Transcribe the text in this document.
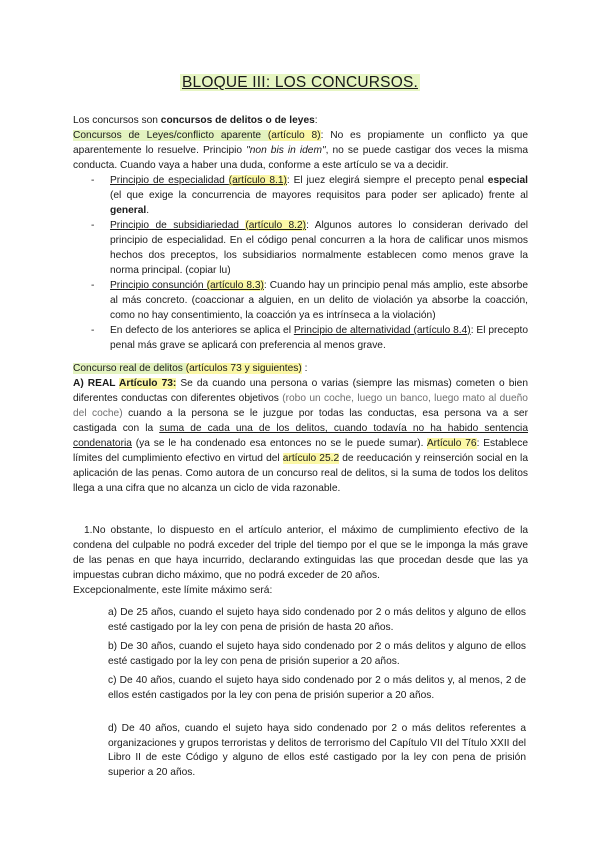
BLOQUE III: LOS CONCURSOS.

Los concursos son concursos de delitos o de leyes:

Concursos de Leyes/conflicto aparente (artículo 8): No es propiamente un conflicto ya que aparentemente lo resuelve. Principio "non bis in idem", no se puede castigar dos veces la misma conducta. Cuando vaya a haber una duda, conforme a este artículo se va a decidir.

- Principio de especialidad (artículo 8.1): El juez elegirá siempre el precepto penal especial (el que exige la concurrencia de mayores requisitos para poder ser aplicado) frente al general.
- Principio de subsidiariedad (artículo 8.2): Algunos autores lo consideran derivado del principio de especialidad. En el código penal concurren a la hora de calificar unos mismos hechos dos preceptos, los subsidiarios normalmente establecen como menos grave la norma principal. (copiar lu)
- Principio consunción (artículo 8.3): Cuando hay un principio penal más amplio, este absorbe al más concreto. (coaccionar a alguien, en un delito de violación ya absorbe la coacción, como no hay consentimiento, la coacción ya es intrínseca a la violación)
- En defecto de los anteriores se aplica el Principio de alternatividad (artículo 8.4): El precepto penal más grave se aplicará con preferencia al menos grave.

Concurso real de delitos (artículos 73 y siguientes) :

A) REAL Artículo 73: Se da cuando una persona o varias (siempre las mismas) cometen o bien diferentes conductas con diferentes objetivos (robo un coche, luego un banco, luego mato al dueño del coche) cuando a la persona se le juzgue por todas las conductas, esa persona va a ser castigada con la suma de cada una de los delitos, cuando todavía no ha habido sentencia condenatoria (ya se le ha condenado esa entonces no se le puede sumar). Artículo 76: Establece límites del cumplimiento efectivo en virtud del artículo 25.2 de reeducación y reinserción social en la aplicación de las penas. Como autora de un concurso real de delitos, si la suma de todos los delitos llega a una cifra que no alcanza un ciclo de vida razonable.

1.No obstante, lo dispuesto en el artículo anterior, el máximo de cumplimiento efectivo de la condena del culpable no podrá exceder del triple del tiempo por el que se le imponga la más grave de las penas en que haya incurrido, declarando extinguidas las que procedan desde que las ya impuestas cubran dicho máximo, que no podrá exceder de 20 años.

Excepcionalmente, este límite máximo será:

a) De 25 años, cuando el sujeto haya sido condenado por 2 o más delitos y alguno de ellos esté castigado por la ley con pena de prisión de hasta 20 años.

b) De 30 años, cuando el sujeto haya sido condenado por 2 o más delitos y alguno de ellos esté castigado por la ley con pena de prisión superior a 20 años.

c) De 40 años, cuando el sujeto haya sido condenado por 2 o más delitos y, al menos, 2 de ellos estén castigados por la ley con pena de prisión superior a 20 años.

d) De 40 años, cuando el sujeto haya sido condenado por 2 o más delitos referentes a organizaciones y grupos terroristas y delitos de terrorismo del Capítulo VII del Título XXII del Libro II de este Código y alguno de ellos esté castigado por la ley con pena de prisión superior a 20 años.
